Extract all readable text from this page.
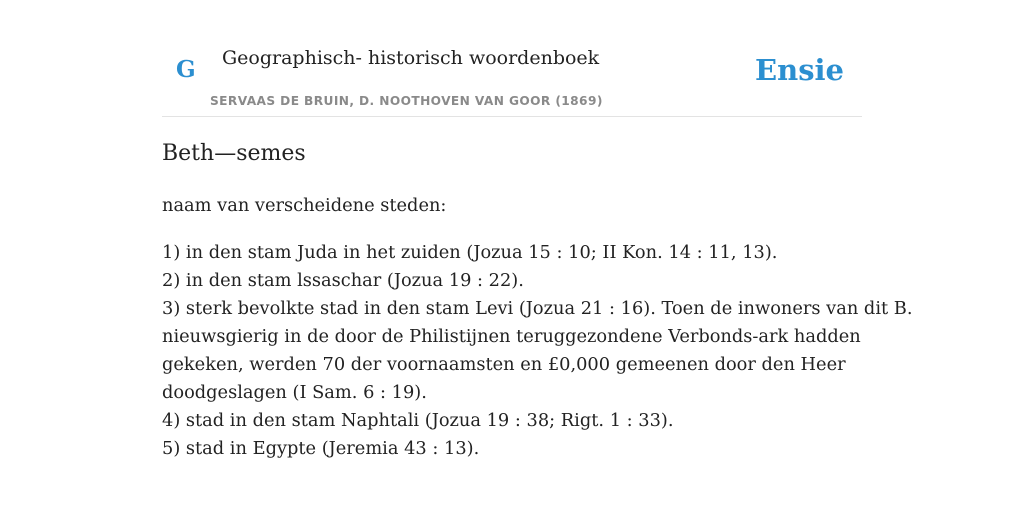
G Geographisch- historisch woordenboek
SERVAAS DE BRUIN, D. NOOTHOVEN VAN GOOR (1869)
Ensie
Beth—semes

naam van verscheidene steden:

1) in den stam Juda in het zuiden (Jozua 15 : 10; II Kon. 14 : 11, 13).
2) in den stam lssaschar (Jozua 19 : 22).
3) sterk bevolkte stad in den stam Levi (Jozua 21 : 16). Toen de inwoners van dit B.
nieuwsgierig in de door de Philistijnen teruggezondene Verbonds-ark hadden
gekeken, werden 70 der voornaamsten en £0,000 gemeenen door den Heer
doodgeslagen (I Sam. 6 : 19).
4) stad in den stam Naphtali (Jozua 19 : 38; Rigt. 1 : 33).
5) stad in Egypte (Jeremia 43 : 13).
